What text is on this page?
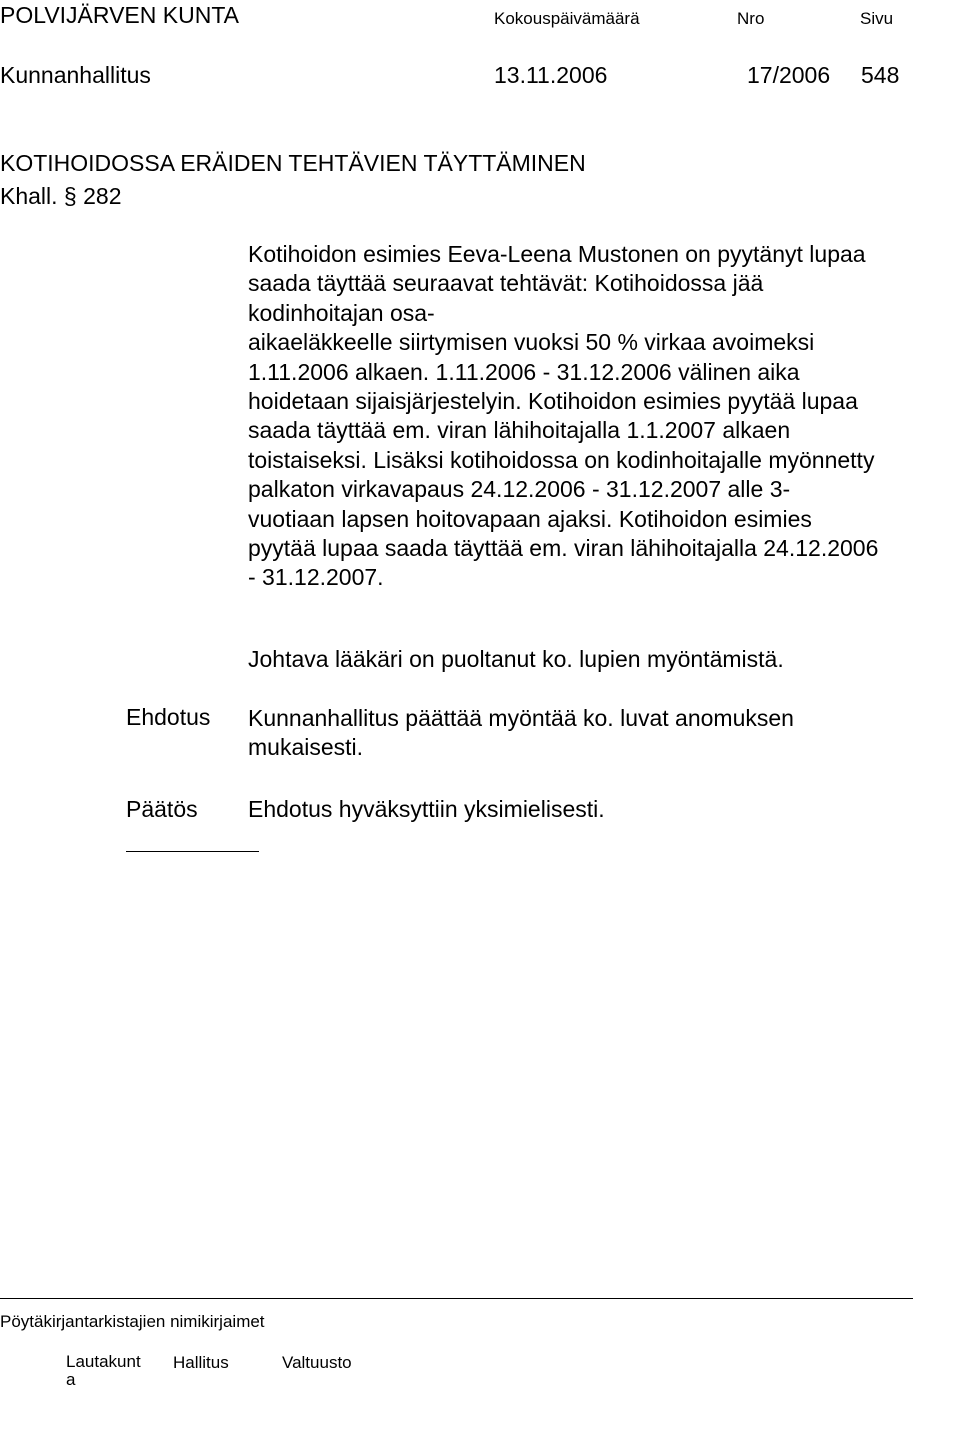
POLVIJÄRVEN KUNTA	Kokouspäivämäärä	Nro	Sivu
Kunnanhallitus	13.11.2006	17/2006 548
KOTIHOIDOSSA ERÄIDEN TEHTÄVIEN TÄYTTÄMINEN
Khall. § 282
Kotihoidon esimies Eeva-Leena Mustonen on pyytänyt lupaa
saada täyttää seuraavat tehtävät: Kotihoidossa jää
kodinhoitajan osa-
aikaeläkkeelle siirtymisen vuoksi 50 % virkaa avoimeksi
1.11.2006 alkaen. 1.11.2006 - 31.12.2006 välinen aika
hoidetaan sijaisjärjestelyin. Kotihoidon esimies pyytää lupaa
saada täyttää em. viran lähihoitajalla 1.1.2007 alkaen
toistaiseksi. Lisäksi kotihoidossa on kodinhoitajalle myönnetty
palkaton virkavapaus 24.12.2006 - 31.12.2007 alle 3-
vuotiaan lapsen hoitovapaan ajaksi. Kotihoidon esimies
pyytää lupaa saada täyttää em. viran lähihoitajalla 24.12.2006
- 31.12.2007.
Johtava lääkäri on puoltanut ko. lupien myöntämistä.
Ehdotus Kunnanhallitus päättää myöntää ko. luvat anomuksen
mukaisesti.
Päätös Ehdotus hyväksyttiin yksimielisesti.
Pöytäkirjantarkistajien nimikirjaimet
Lautakunt
a
Hallitus	Valtuusto
